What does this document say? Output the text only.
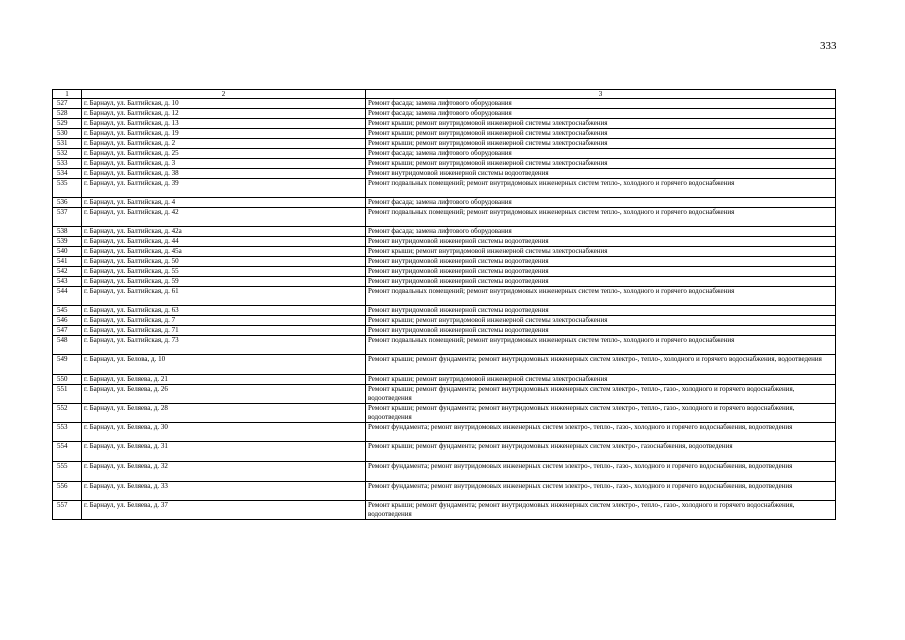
333
1	2	3
527	г. Барнаул, ул. Балтийская, д. 10	Ремонт фасада; замена лифтового оборудования
528	г. Барнаул, ул. Балтийская, д. 12	Ремонт фасада; замена лифтового оборудования
529	г. Барнаул, ул. Балтийская, д. 13	Ремонт крыши; ремонт внутридомовой инженерной системы электроснабжения
530	г. Барнаул, ул. Балтийская, д. 19	Ремонт крыши; ремонт внутридомовой инженерной системы электроснабжения
531	г. Барнаул, ул. Балтийская, д. 2	Ремонт крыши; ремонт внутридомовой инженерной системы электроснабжения
532	г. Барнаул, ул. Балтийская, д. 25	Ремонт фасада; замена лифтового оборудования
533	г. Барнаул, ул. Балтийская, д. 3	Ремонт крыши; ремонт внутридомовой инженерной системы электроснабжения
534	г. Барнаул, ул. Балтийская, д. 38	Ремонт внутридомовой инженерной системы водоотведения
535	г. Барнаул, ул. Балтийская, д. 39	Ремонт подвальных помещений; ремонт внутридомовых инженерных систем тепло-, холодного и горячего водоснабжения
536	г. Барнаул, ул. Балтийская, д. 4	Ремонт фасада; замена лифтового оборудования
537	г. Барнаул, ул. Балтийская, д. 42	Ремонт подвальных помещений; ремонт внутридомовых инженерных систем тепло-, холодного и горячего водоснабжения
538	г. Барнаул, ул. Балтийская, д. 42а	Ремонт фасада; замена лифтового оборудования
539	г. Барнаул, ул. Балтийская, д. 44	Ремонт внутридомовой инженерной системы водоотведения
540	г. Барнаул, ул. Балтийская, д. 45а	Ремонт крыши; ремонт внутридомовой инженерной системы электроснабжения
541	г. Барнаул, ул. Балтийская, д. 50	Ремонт внутридомовой инженерной системы водоотведения
542	г. Барнаул, ул. Балтийская, д. 55	Ремонт внутридомовой инженерной системы водоотведения
543	г. Барнаул, ул. Балтийская, д. 59	Ремонт внутридомовой инженерной системы водоотведения
544	г. Барнаул, ул. Балтийская, д. 61	Ремонт подвальных помещений; ремонт внутридомовых инженерных систем тепло-, холодного и горячего водоснабжения
545	г. Барнаул, ул. Балтийская, д. 63	Ремонт внутридомовой инженерной системы водоотведения
546	г. Барнаул, ул. Балтийская, д. 7	Ремонт крыши; ремонт внутридомовой инженерной системы электроснабжения
547	г. Барнаул, ул. Балтийская, д. 71	Ремонт внутридомовой инженерной системы водоотведения
548	г. Барнаул, ул. Балтийская, д. 73	Ремонт подвальных помещений; ремонт внутридомовых инженерных систем тепло-, холодного и горячего водоснабжения
549	г. Барнаул, ул. Белова, д. 10	Ремонт крыши; ремонт фундамента; ремонт внутридомовых инженерных систем электро-, тепло-, холодного и горячего водоснабжения, водоотведения
550	г. Барнаул, ул. Беляева, д. 21	Ремонт крыши; ремонт внутридомовой инженерной системы электроснабжения
551	г. Барнаул, ул. Беляева, д. 26	Ремонт крыши; ремонт фундамента; ремонт внутридомовых инженерных систем электро-, тепло-, газо-, холодного и горячего водоснабжения, водоотведения
552	г. Барнаул, ул. Беляева, д. 28	Ремонт крыши; ремонт фундамента; ремонт внутридомовых инженерных систем электро-, тепло-, газо-, холодного и горячего водоснабжения, водоотведения
553	г. Барнаул, ул. Беляева, д. 30	Ремонт фундамента; ремонт внутридомовых инженерных систем электро-, тепло-, газо-, холодного и горячего водоснабжения, водоотведения
554	г. Барнаул, ул. Беляева, д. 31	Ремонт крыши; ремонт фундамента; ремонт внутридомовых инженерных систем электро-, газоснабжения, водоотведения
555	г. Барнаул, ул. Беляева, д. 32	Ремонт фундамента; ремонт внутридомовых инженерных систем электро-, тепло-, газо-, холодного и горячего водоснабжения, водоотведения
556	г. Барнаул, ул. Беляева, д. 33	Ремонт фундамента; ремонт внутридомовых инженерных систем электро-, тепло-, газо-, холодного и горячего водоснабжения, водоотведения
557	г. Барнаул, ул. Беляева, д. 37	Ремонт крыши; ремонт фундамента; ремонт внутридомовых инженерных систем электро-, тепло-, газо-, холодного и горячего водоснабжения, водоотведения
